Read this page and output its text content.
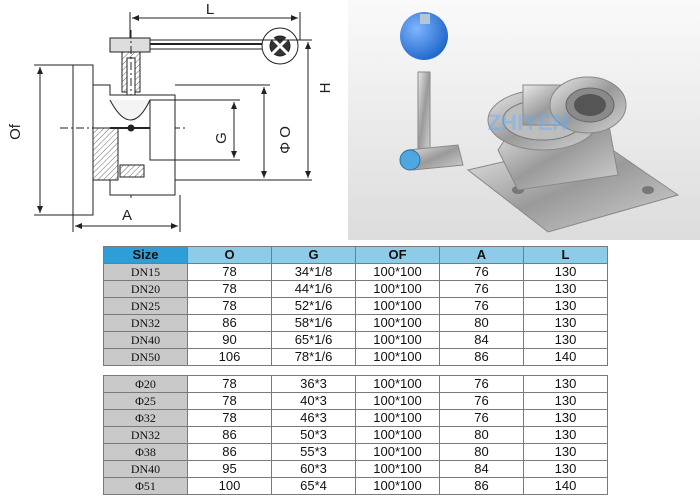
L
H
Of	G	Φ O
A
ZHIYEN
Size	O	G	OF	A	L
DN15	78	34*1/8	100*100	76	130
DN20	78	44*1/6	100*100	76	130
DN25	78	52*1/6	100*100	76	130
DN32	86	58*1/6	100*100	80	130
DN40	90	65*1/6	100*100	84	130
DN50	106	78*1/6	100*100	86	140

Φ20	78	36*3	100*100	76	130
Φ25	78	40*3	100*100	76	130
Φ32	78	46*3	100*100	76	130
DN32	86	50*3	100*100	80	130
Φ38	86	55*3	100*100	80	130
DN40	95	60*3	100*100	84	130
Φ51	100	65*4	100*100	86	140
